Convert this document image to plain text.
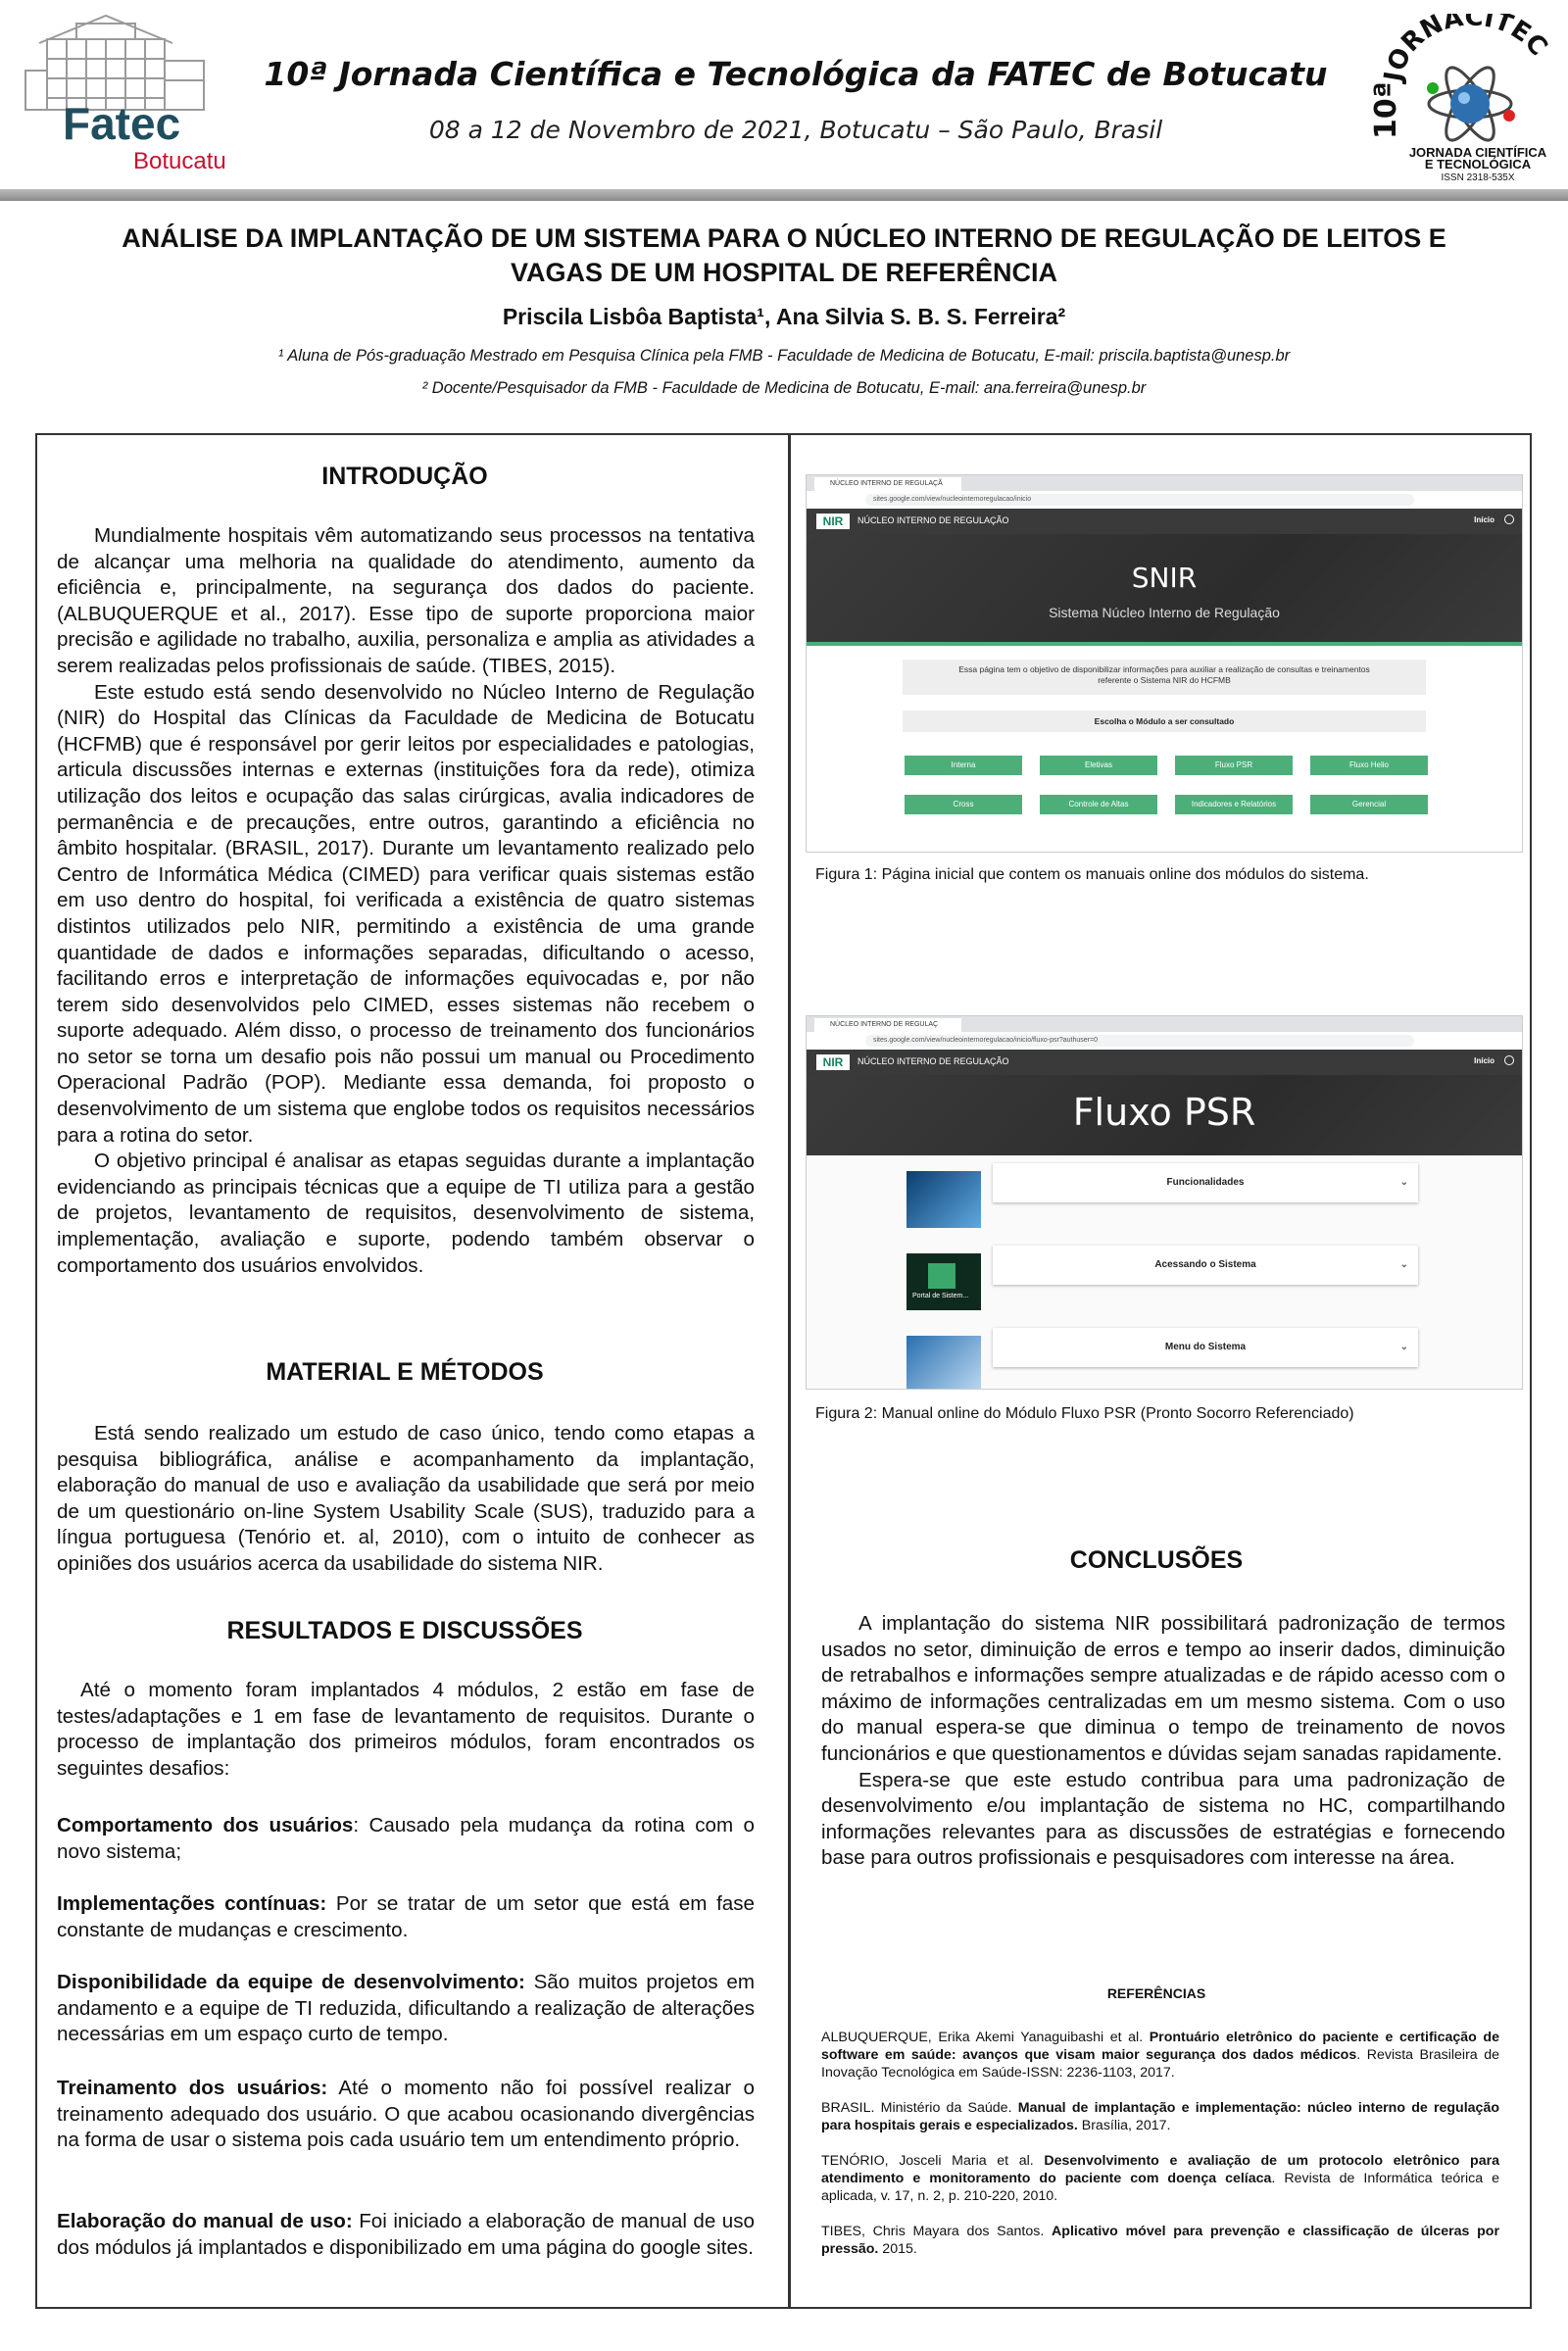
Fatec
Botucatu
10ª Jornada Científica e Tecnológica da FATEC de Botucatu
08 a 12 de Novembro de 2021, Botucatu – São Paulo, Brasil
JORNACITEC
10ª
JORNADA CIENTÍFICA
E TECNOLÓGICA
ISSN 2318-535X
ANÁLISE DA IMPLANTAÇÃO DE UM SISTEMA PARA O NÚCLEO INTERNO DE REGULAÇÃO DE LEITOS E
VAGAS DE UM HOSPITAL DE REFERÊNCIA
Priscila Lisbôa Baptista¹, Ana Silvia S. B. S. Ferreira²
¹ Aluna de Pós-graduação Mestrado em Pesquisa Clínica pela FMB - Faculdade de Medicina de Botucatu, E-mail: priscila.baptista@unesp.br
² Docente/Pesquisador da FMB - Faculdade de Medicina de Botucatu, E-mail: ana.ferreira@unesp.br
INTRODUÇÃO

Mundialmente hospitais vêm automatizando seus processos na tentativa de alcançar uma melhoria na qualidade do atendimento, aumento da eficiência e, principalmente, na segurança dos dados do paciente. (ALBUQUERQUE et al., 2017). Esse tipo de suporte proporciona maior precisão e agilidade no trabalho, auxilia, personaliza e amplia as atividades a serem realizadas pelos profissionais de saúde. (TIBES, 2015).

Este estudo está sendo desenvolvido no Núcleo Interno de Regulação (NIR) do Hospital das Clínicas da Faculdade de Medicina de Botucatu (HCFMB) que é responsável por gerir leitos por especialidades e patologias, articula discussões internas e externas (instituições fora da rede), otimiza utilização dos leitos e ocupação das salas cirúrgicas, avalia indicadores de permanência e de precauções, entre outros, garantindo a eficiência no âmbito hospitalar. (BRASIL, 2017). Durante um levantamento realizado pelo Centro de Informática Médica (CIMED) para verificar quais sistemas estão em uso dentro do hospital, foi verificada a existência de quatro sistemas distintos utilizados pelo NIR, permitindo a existência de uma grande quantidade de dados e informações separadas, dificultando o acesso, facilitando erros e interpretação de informações equivocadas e, por não terem sido desenvolvidos pelo CIMED, esses sistemas não recebem o suporte adequado. Além disso, o processo de treinamento dos funcionários no setor se torna um desafio pois não possui um manual ou Procedimento Operacional Padrão (POP). Mediante essa demanda, foi proposto o desenvolvimento de um sistema que englobe todos os requisitos necessários para a rotina do setor.

O objetivo principal é analisar as etapas seguidas durante a implantação evidenciando as principais técnicas que a equipe de TI utiliza para a gestão de projetos, levantamento de requisitos, desenvolvimento de sistema, implementação, avaliação e suporte, podendo também observar o comportamento dos usuários envolvidos.

MATERIAL E MÉTODOS

Está sendo realizado um estudo de caso único, tendo como etapas a pesquisa bibliográfica, análise e acompanhamento da implantação, elaboração do manual de uso e avaliação da usabilidade que será por meio de um questionário on-line System Usability Scale (SUS), traduzido para a língua portuguesa (Tenório et. al, 2010), com o intuito de conhecer as opiniões dos usuários acerca da usabilidade do sistema NIR.

RESULTADOS E DISCUSSÕES

Até o momento foram implantados 4 módulos, 2 estão em fase de testes/adaptações e 1 em fase de levantamento de requisitos. Durante o processo de implantação dos primeiros módulos, foram encontrados os seguintes desafios:

Comportamento dos usuários: Causado pela mudança da rotina com o novo sistema;

Implementações contínuas: Por se tratar de um setor que está em fase constante de mudanças e crescimento.

Disponibilidade da equipe de desenvolvimento: São muitos projetos em andamento e a equipe de TI reduzida, dificultando a realização de alterações necessárias em um espaço curto de tempo.

Treinamento dos usuários: Até o momento não foi possível realizar o treinamento adequado dos usuário. O que acabou ocasionando divergências na forma de usar o sistema pois cada usuário tem um entendimento próprio.

Elaboração do manual de uso: Foi iniciado a elaboração de manual de uso dos módulos já implantados e disponibilizado em uma página do google sites.

NÚCLEO INTERNO DE REGULAÇÃ
sites.google.com/view/nucleointernoregulacao/inicio
NIR	NÚCLEO INTERNO DE REGULAÇÃO	Início
SNIR
Sistema Núcleo Interno de Regulação
Essa página tem o objetivo de disponibilizar informações para auxiliar a realização de consultas e treinamentos
referente o Sistema NIR do HCFMB
Escolha o Módulo a ser consultado
Interna	Eletivas	Fluxo PSR	Fluxo Helio
Cross	Controle de Altas	Indicadores e Relatórios	Gerencial
Figura 1: Página inicial que contem os manuais online dos módulos do sistema.
NÚCLEO INTERNO DE REGULAÇ
sites.google.com/view/nucleointernoregulacao/inicio/fluxo-psr?authuser=0
NIR	NÚCLEO INTERNO DE REGULAÇÃO	Início
Fluxo PSR
Portal de Sistem...
Funcionalidades	⌄
Acessando o Sistema	⌄
Menu do Sistema	⌄
Figura 2: Manual online do Módulo Fluxo PSR (Pronto Socorro Referenciado)
CONCLUSÕES

A implantação do sistema NIR possibilitará padronização de termos usados no setor, diminuição de erros e tempo ao inserir dados, diminuição de retrabalhos e informações sempre atualizadas e de rápido acesso com o máximo de informações centralizadas em um mesmo sistema. Com o uso do manual espera-se que diminua o tempo de treinamento de novos funcionários e que questionamentos e dúvidas sejam sanadas rapidamente.

Espera-se que este estudo contribua para uma padronização de desenvolvimento e/ou implantação de sistema no HC, compartilhando informações relevantes para as discussões de estratégias e fornecendo base para outros profissionais e pesquisadores com interesse na área.

REFERÊNCIAS
ALBUQUERQUE, Erika Akemi Yanaguibashi et al. Prontuário eletrônico do paciente e certificação de software em saúde: avanços que visam maior segurança dos dados médicos. Revista Brasileira de Inovação Tecnológica em Saúde-ISSN: 2236-1103, 2017.
BRASIL. Ministério da Saúde. Manual de implantação e implementação: núcleo interno de regulação para hospitais gerais e especializados. Brasília, 2017.
TENÓRIO, Josceli Maria et al. Desenvolvimento e avaliação de um protocolo eletrônico para atendimento e monitoramento do paciente com doença celíaca. Revista de Informática teórica e aplicada, v. 17, n. 2, p. 210-220, 2010.
TIBES, Chris Mayara dos Santos. Aplicativo móvel para prevenção e classificação de úlceras por pressão. 2015.
